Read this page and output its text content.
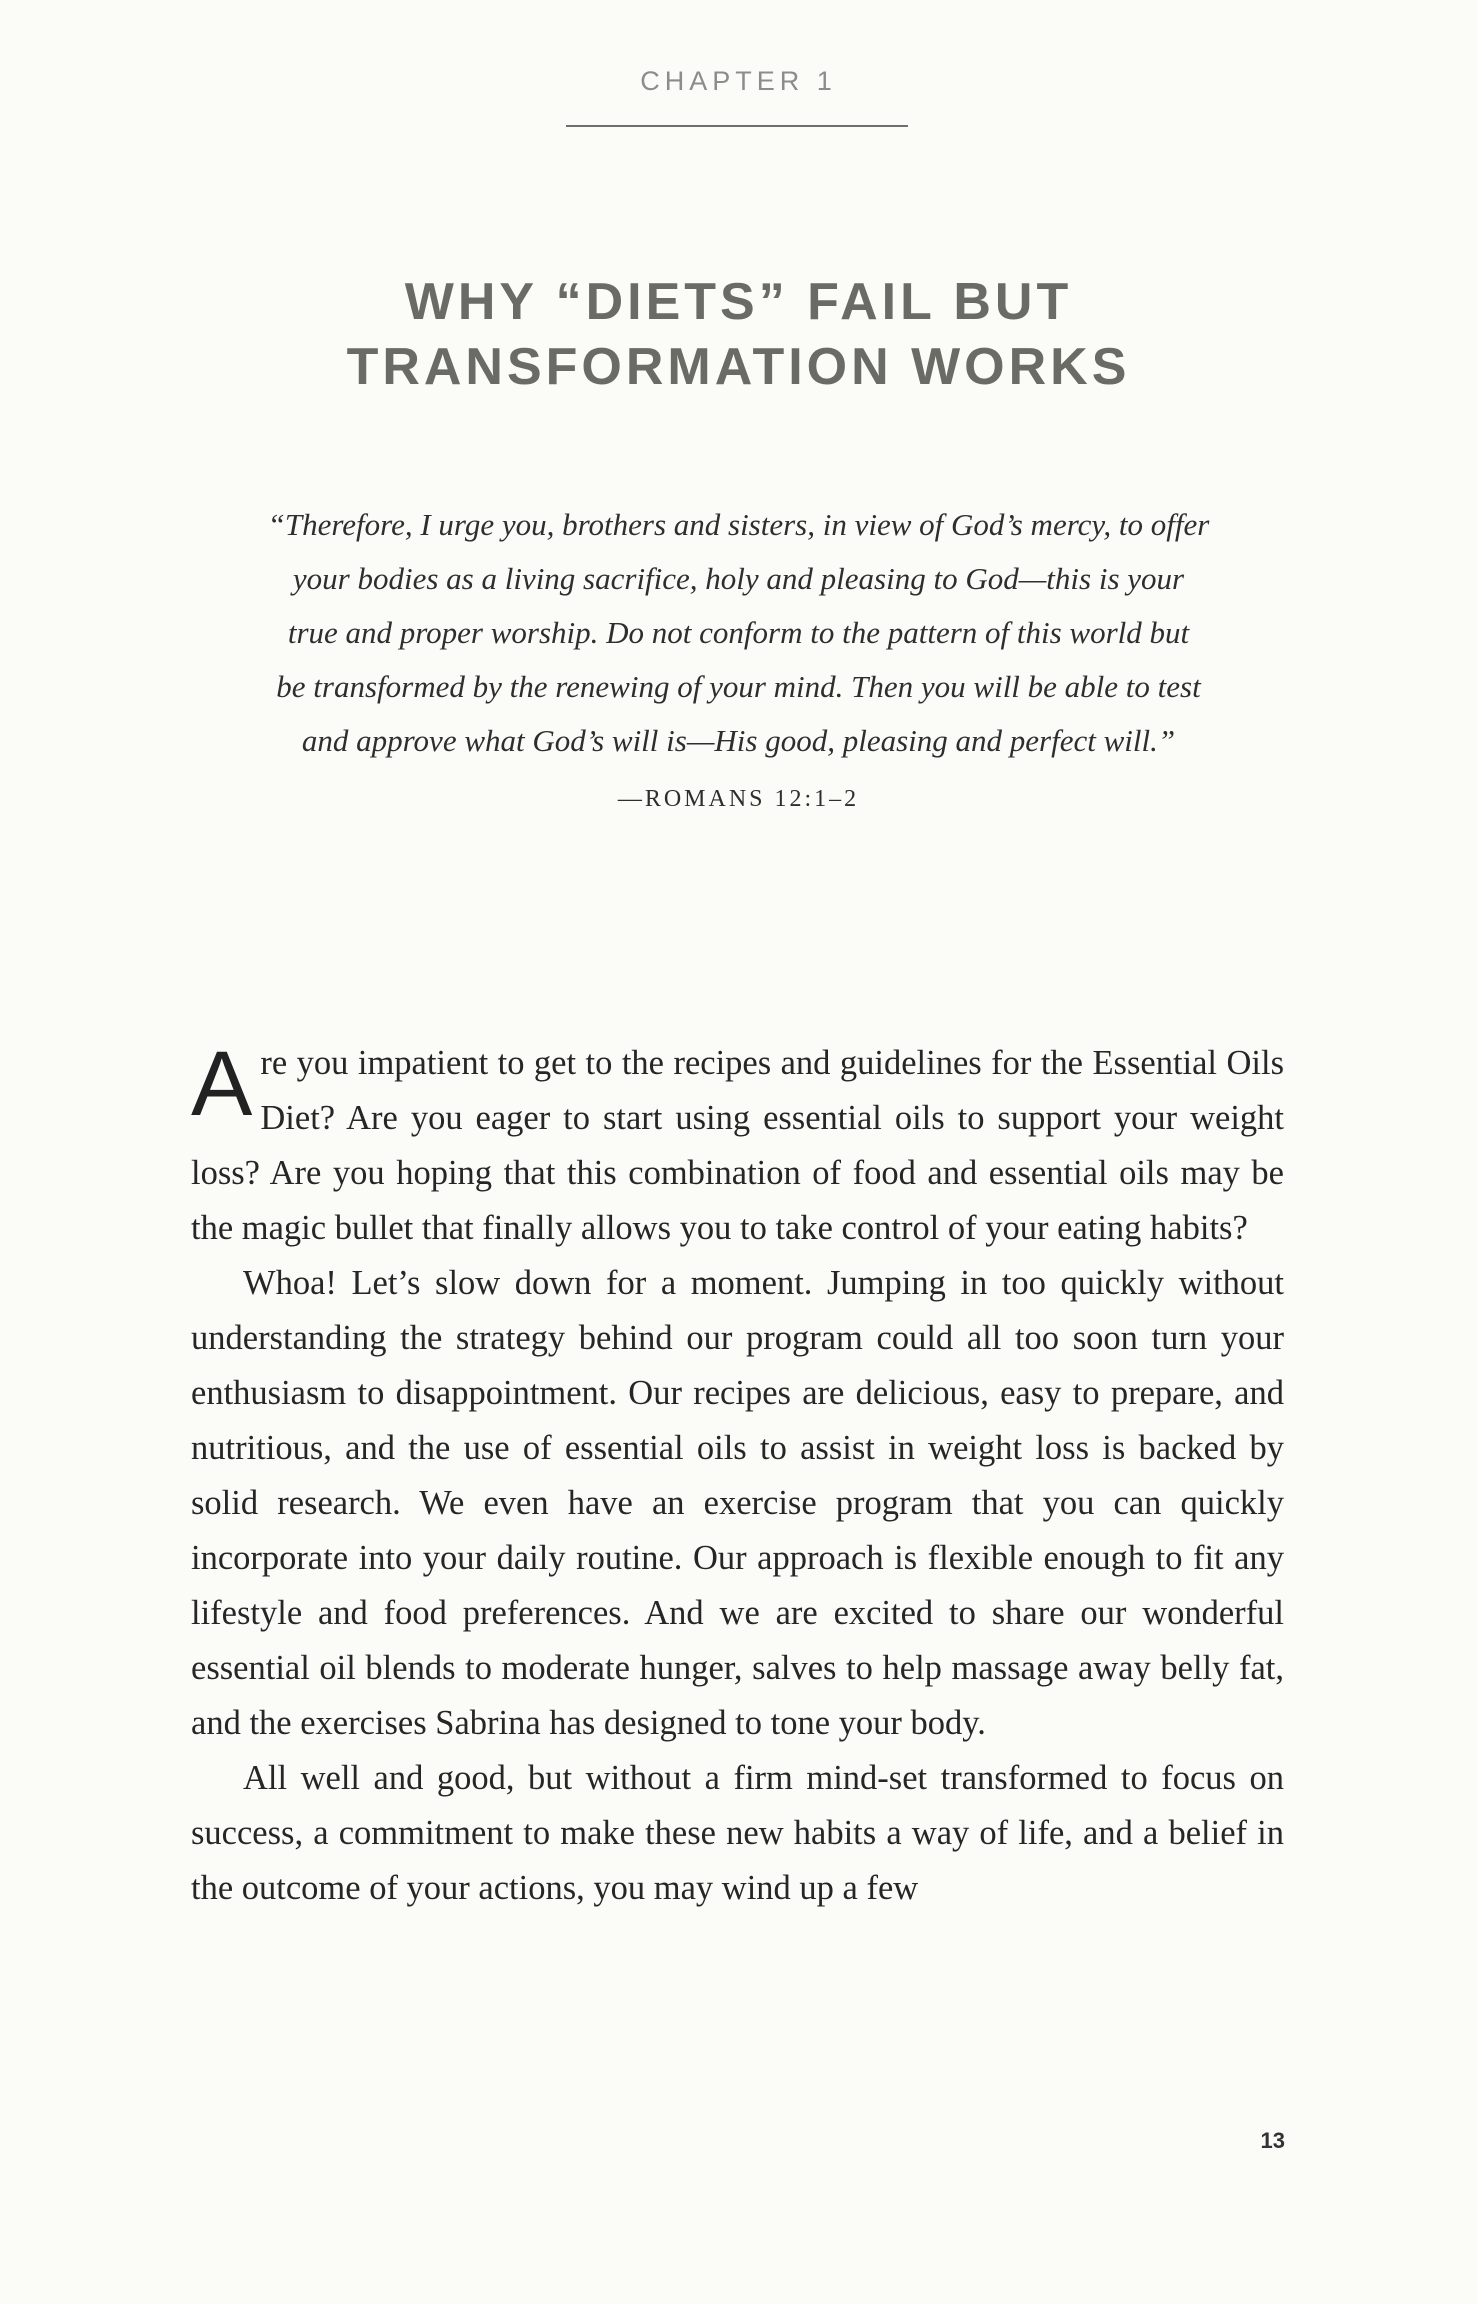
CHAPTER 1
WHY “DIETS” FAIL BUT
TRANSFORMATION WORKS
“Therefore, I urge you, brothers and sisters, in view of God’s mercy, to offer
your bodies as a living sacrifice, holy and pleasing to God—this is your
true and proper worship. Do not conform to the pattern of this world but
be transformed by the renewing of your mind. Then you will be able to test
and approve what God’s will is—His good, pleasing and perfect will.”
—ROMANS 12:1–2

Are you impatient to get to the recipes and guidelines for the Essential Oils Diet? Are you eager to start using essential oils to support your weight loss? Are you hoping that this combination of food and essential oils may be the magic bullet that finally allows you to take control of your eating habits?

Whoa! Let’s slow down for a moment. Jumping in too quickly without understanding the strategy behind our program could all too soon turn your enthusiasm to disappointment. Our recipes are delicious, easy to prepare, and nutritious, and the use of essential oils to assist in weight loss is backed by solid research. We even have an exercise program that you can quickly incorporate into your daily routine. Our approach is flexible enough to fit any lifestyle and food preferences. And we are excited to share our wonderful essential oil blends to moderate hunger, salves to help massage away belly fat, and the exercises Sabrina has designed to tone your body.

All well and good, but without a firm mind-set transformed to focus on success, a commitment to make these new habits a way of life, and a belief in the outcome of your actions, you may wind up a few

13
